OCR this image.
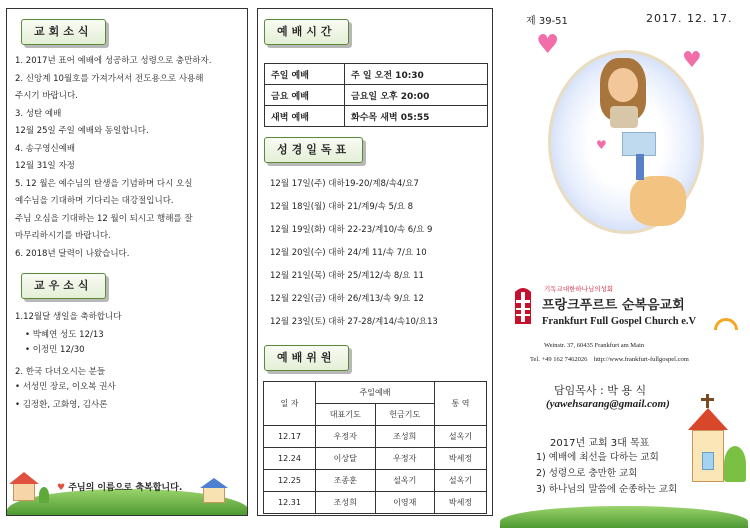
교회소식
1. 2017년 표어 예배에 성공하고 성령으로 충만하자.
2. 신앙계 10월호를 가져가셔서 전도용으로 사용해
주시기 바랍니다.
3. 성탄 예배
12월 25일 주일 예배와 동일합니다.
4. 송구영신예배
12월 31일 자정
5. 12 월은 예수님의 탄생을 기념하며 다시 오실
예수님을 기대하며 기다리는 대강절입니다.
주님 오심을 기대하는 12 월이 되시고 행해를 잘
마무리하시기를 바랍니다.
6. 2018년 달력이 나왔습니다.
교우소식
1.12월달 생일을 축하합니다
• 박혜연 성도 12/13
• 이정민 12/30
2. 한국 다녀오시는 분들
• 서성민 장로, 이오복 권사
• 김정환, 고화영, 김사론
♥ 주님의 이름으로 축복합니다.
예배시간
주일 예배	주 일 오전 10:30
금요 예배	금요일 오후 20:00
새벽 예배	화수목 새벽 05:55
성경일독표
12월 17일(주) 대하19-20/계8/속4/요7
12월 18일(월) 대하 21/계9/속 5/요 8
12월 19일(화) 대하 22-23/계10/속 6/요 9
12월 20일(수) 대하 24/계 11/속 7/요 10
12월 21일(목) 대하 25/계12/속 8/요 11
12월 22일(금) 대하 26/계13/속 9/요 12
12월 23일(토) 대하 27-28/계14/속10/요13
예배위원
일 자	주일예배		통 역
	대표기도	헌금기도	
12.17	우정자	조성희	설옥기
12.24	이상달	우정자	박세정
12.25	조종훈	설옥기	설옥기
12.31	조성희	이영재	박세정
제 39-51	2017. 12. 17.
♥
♥
♥
기독교대한하나님의성회
프랑크푸르트 순복음교회
Frankfurt Full Gospel Church e.V
Weinstr. 37, 60435 Frankfurt am Main
Tel. +49 162 7462026 http://www.frankfurt-fullgospel.com
담임목사 : 박 용 식
(yawehsarang@gmail.com)
2017년 교회 3대 목표
1) 예배에 최선을 다하는 교회
2) 성령으로 충만한 교회
3) 하나님의 말씀에 순종하는 교회
